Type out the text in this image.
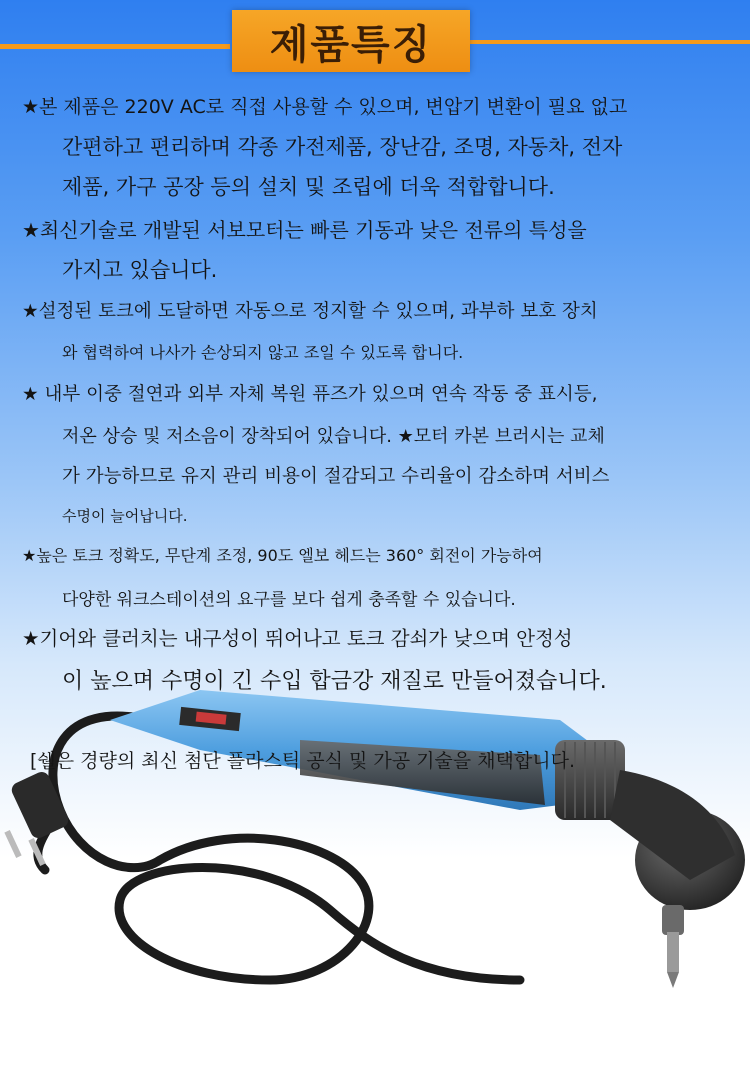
제품특징
★본 제품은 220V AC로 직접 사용할 수 있으며, 변압기 변환이 필요 없고
간편하고 편리하며 각종 가전제품, 장난감, 조명, 자동차, 전자
제품, 가구 공장 등의 설치 및 조립에 더욱 적합합니다.
★최신기술로 개발된 서보모터는 빠른 기동과 낮은 전류의 특성을
가지고 있습니다.
★설정된 토크에 도달하면 자동으로 정지할 수 있으며, 과부하 보호 장치
와 협력하여 나사가 손상되지 않고 조일 수 있도록 합니다.
★ 내부 이중 절연과 외부 자체 복원 퓨즈가 있으며 연속 작동 중 표시등,
저온 상승 및 저소음이 장착되어 있습니다. ★모터 카본 브러시는 교체
가 가능하므로 유지 관리 비용이 절감되고 수리율이 감소하며 서비스
수명이 늘어납니다.
★높은 토크 정확도, 무단계 조정, 90도 엘보 헤드는 360° 회전이 가능하여
다양한 워크스테이션의 요구를 보다 쉽게 충족할 수 있습니다.
★기어와 클러치는 내구성이 뛰어나고 토크 감쇠가 낮으며 안정성
이 높으며 수명이 긴 수입 합금강 재질로 만들어졌습니다.
[쉘은 경량의 최신 첨단 플라스틱 공식 및 가공 기술을 채택합니다.
